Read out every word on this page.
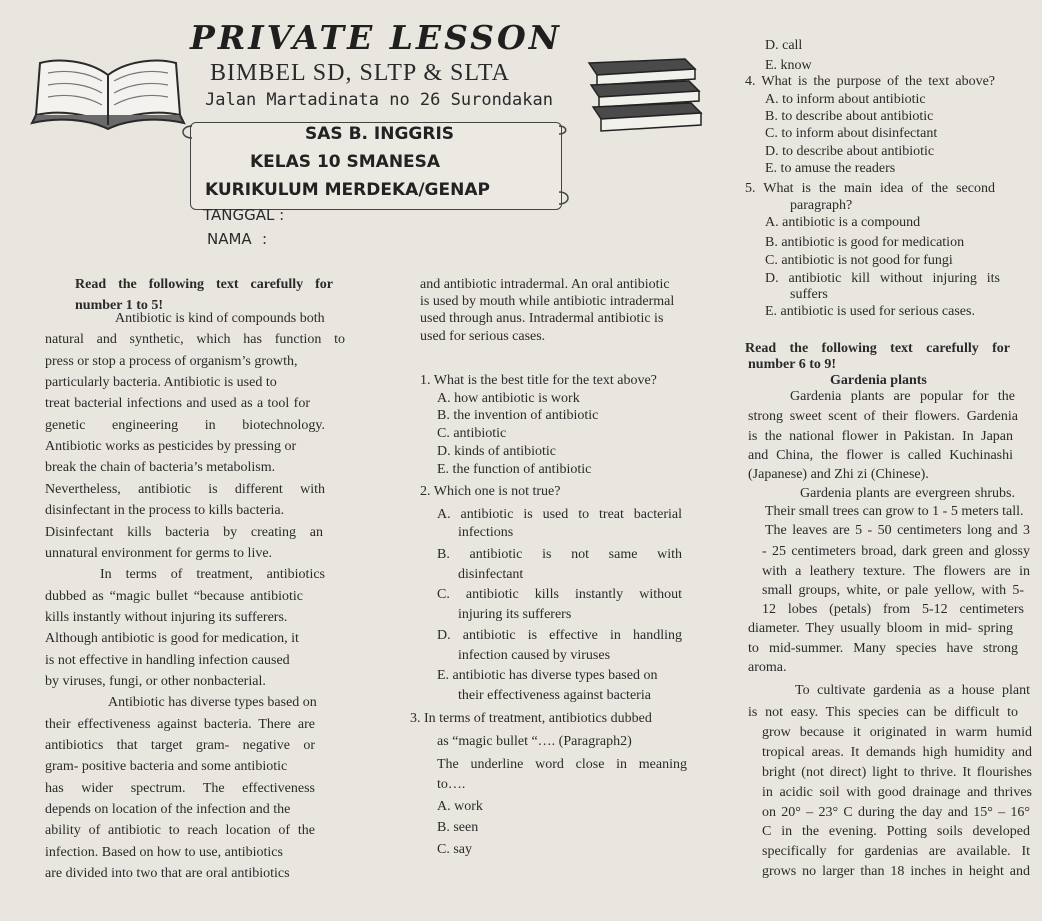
PRIVATE LESSON
BIMBEL SD, SLTP & SLTA
Jalan Martadinata no 26 Surondakan
SAS B. INGGRIS
KELAS 10 SMANESA
KURIKULUM MERDEKA/GENAP
TANGGAL :
NAMA :
Read the following text carefully for
number 1 to 5!
Antibiotic is kind of compounds both
natural and synthetic, which has function to
press or stop a process of organism’s growth,
particularly bacteria. Antibiotic is used to
treat bacterial infections and used as a tool for
genetic engineering in biotechnology.
Antibiotic works as pesticides by pressing or
break the chain of bacteria’s metabolism.
Nevertheless, antibiotic is different with
disinfectant in the process to kills bacteria.
Disinfectant kills bacteria by creating an
unnatural environment for germs to live.
In terms of treatment, antibiotics
dubbed as “magic bullet “because antibiotic
kills instantly without injuring its sufferers.
Although antibiotic is good for medication, it
is not effective in handling infection caused
by viruses, fungi, or other nonbacterial.
Antibiotic has diverse types based on
their effectiveness against bacteria. There are
antibiotics that target gram- negative or
gram- positive bacteria and some antibiotic
has wider spectrum. The effectiveness
depends on location of the infection and the
ability of antibiotic to reach location of the
infection. Based on how to use, antibiotics
are divided into two that are oral antibiotics
and antibiotic intradermal. An oral antibiotic
is used by mouth while antibiotic intradermal
used through anus. Intradermal antibiotic is
used for serious cases.
1. What is the best title for the text above?
A. how antibiotic is work
B. the invention of antibiotic
C. antibiotic
D. kinds of antibiotic
E. the function of antibiotic
2. Which one is not true?
A. antibiotic is used to treat bacterial
infections
B. antibiotic is not same with
disinfectant
C. antibiotic kills instantly without
injuring its sufferers
D. antibiotic is effective in handling
infection caused by viruses
E. antibiotic has diverse types based on
their effectiveness against bacteria
3. In terms of treatment, antibiotics dubbed
as “magic bullet “…. (Paragraph2)
The underline word close in meaning
to….
A. work
B. seen
C. say
D. call
E. know
4. What is the purpose of the text above?
A. to inform about antibiotic
B. to describe about antibiotic
C. to inform about disinfectant
D. to describe about antibiotic
E. to amuse the readers
5. What is the main idea of the second
paragraph?
A. antibiotic is a compound
B. antibiotic is good for medication
C. antibiotic is not good for fungi
D. antibiotic kill without injuring its
suffers
E. antibiotic is used for serious cases.
Read the following text carefully for
number 6 to 9!
Gardenia plants
Gardenia plants are popular for the
strong sweet scent of their flowers. Gardenia
is the national flower in Pakistan. In Japan
and China, the flower is called Kuchinashi
(Japanese) and Zhi zi (Chinese).
Gardenia plants are evergreen shrubs.
Their small trees can grow to 1 - 5 meters tall.
The leaves are 5 - 50 centimeters long and 3
- 25 centimeters broad, dark green and glossy
with a leathery texture. The flowers are in
small groups, white, or pale yellow, with 5-
12 lobes (petals) from 5-12 centimeters
diameter. They usually bloom in mid- spring
to mid-summer. Many species have strong
aroma.
To cultivate gardenia as a house plant
is not easy. This species can be difficult to
grow because it originated in warm humid
tropical areas. It demands high humidity and
bright (not direct) light to thrive. It flourishes
in acidic soil with good drainage and thrives
on 20° – 23° C during the day and 15° – 16°
C in the evening. Potting soils developed
specifically for gardenias are available. It
grows no larger than 18 inches in height and
